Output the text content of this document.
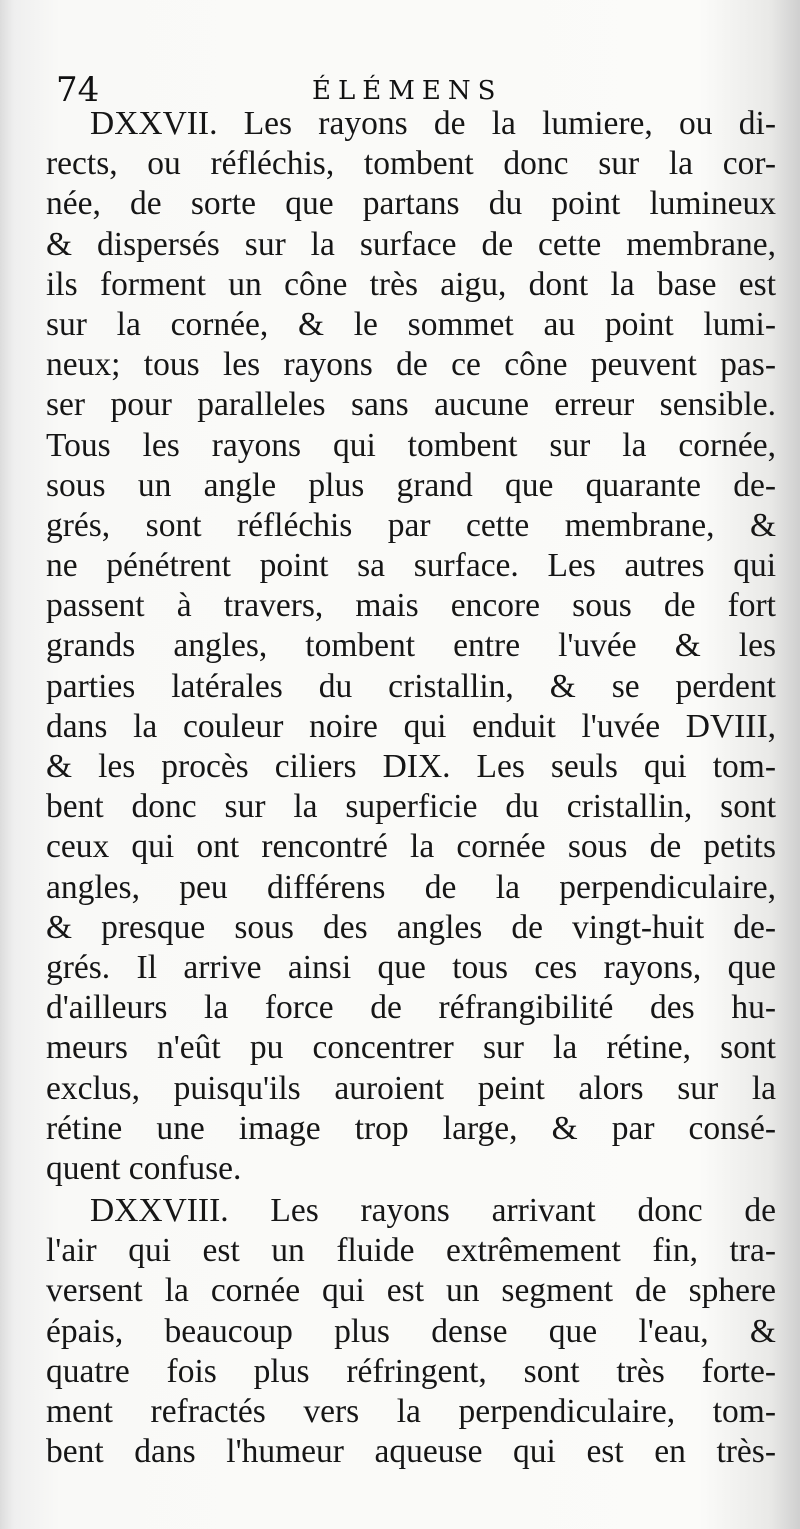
74	ÉLÉMENS
DXXVII. Les rayons de la lumiere, ou di-
rects, ou réfléchis, tombent donc sur la cor-
née, de sorte que partans du point lumineux
& dispersés sur la surface de cette membrane,
ils forment un cône très aigu, dont la base est
sur la cornée, & le sommet au point lumi-
neux; tous les rayons de ce cône peuvent pas-
ser pour paralleles sans aucune erreur sensible.
Tous les rayons qui tombent sur la cornée,
sous un angle plus grand que quarante de-
grés, sont réfléchis par cette membrane, &
ne pénétrent point sa surface. Les autres qui
passent à travers, mais encore sous de fort
grands angles, tombent entre l'uvée & les
parties latérales du cristallin, & se perdent
dans la couleur noire qui enduit l'uvée DVIII,
& les procès ciliers DIX. Les seuls qui tom-
bent donc sur la superficie du cristallin, sont
ceux qui ont rencontré la cornée sous de petits
angles, peu différens de la perpendiculaire,
& presque sous des angles de vingt-huit de-
grés. Il arrive ainsi que tous ces rayons, que
d'ailleurs la force de réfrangibilité des hu-
meurs n'eût pu concentrer sur la rétine, sont
exclus, puisqu'ils auroient peint alors sur la
rétine une image trop large, & par consé-
quent confuse.
DXXVIII. Les rayons arrivant donc de
l'air qui est un fluide extrêmement fin, tra-
versent la cornée qui est un segment de sphere
épais, beaucoup plus dense que l'eau, &
quatre fois plus réfringent, sont très forte-
ment refractés vers la perpendiculaire, tom-
bent dans l'humeur aqueuse qui est en très-
